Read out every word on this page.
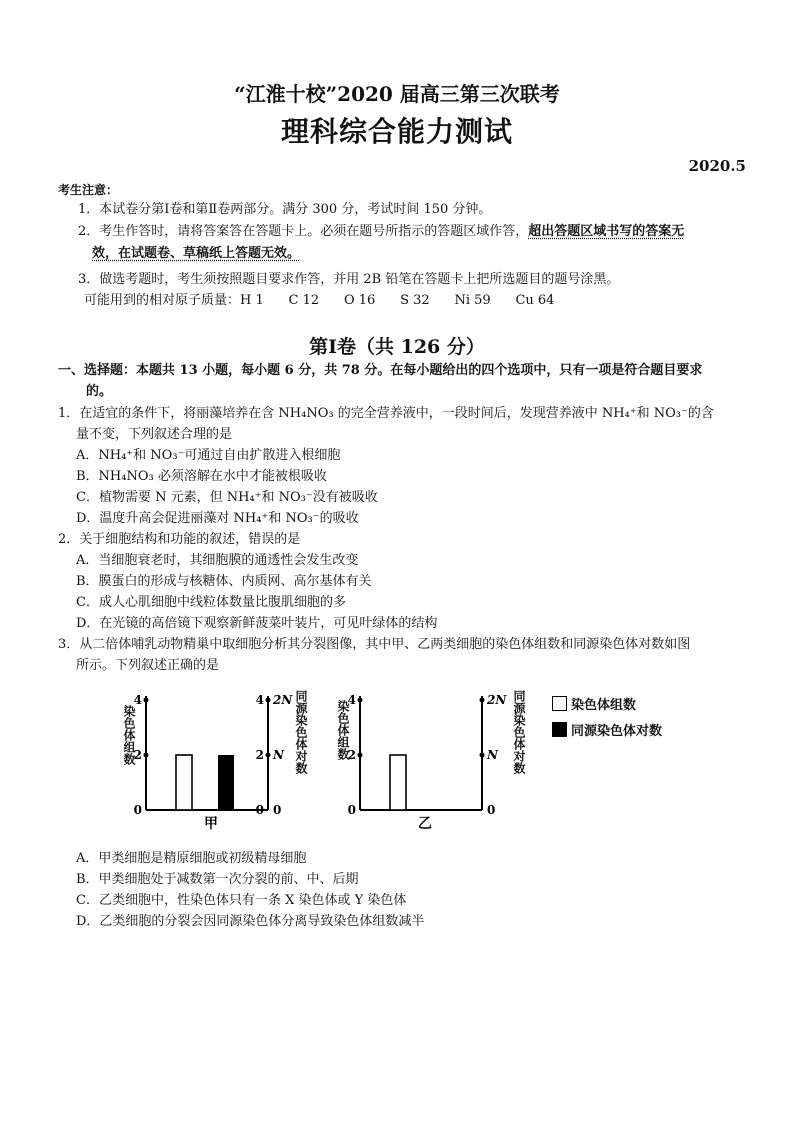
“江淮十校”2020 届高三第三次联考
理科综合能力测试
2020.5
考生注意：
1．本试卷分第Ⅰ卷和第Ⅱ卷两部分。满分 300 分，考试时间 150 分钟。
2．考生作答时，请将答案答在答题卡上。必须在题号所指示的答题区域作答，超出答题区域书写的答案无
效，在试题卷、草稿纸上答题无效。
3．做选考题时，考生须按照题目要求作答，并用 2B 铅笔在答题卡上把所选题目的题号涂黑。
可能用到的相对原子质量：H 1      C 12      O 16      S 32      Ni 59      Cu 64
第Ⅰ卷（共 126 分）
一、选择题：本题共 13 小题，每小题 6 分，共 78 分。在每小题给出的四个选项中，只有一项是符合题目要求
的。
1．在适宜的条件下，将丽藻培养在含 NH₄NO₃ 的完全营养液中，一段时间后，发现营养液中 NH₄⁺和 NO₃⁻的含
量不变，下列叙述合理的是
A．NH₄⁺和 NO₃⁻可通过自由扩散进入根细胞
B．NH₄NO₃ 必须溶解在水中才能被根吸收
C．植物需要 N 元素，但 NH₄⁺和 NO₃⁻没有被吸收
D．温度升高会促进丽藻对 NH₄⁺和 NO₃⁻的吸收
2．关于细胞结构和功能的叙述，错误的是
A．当细胞衰老时，其细胞膜的通透性会发生改变
B．膜蛋白的形成与核糖体、内质网、高尔基体有关
C．成人心肌细胞中线粒体数量比腹肌细胞的多
D．在光镜的高倍镜下观察新鲜菠菜叶装片，可见叶绿体的结构
3．从二倍体哺乳动物精巢中取细胞分析其分裂图像，其中甲、乙两类细胞的染色体组数和同源染色体对数如图
所示。下列叙述正确的是
染色体组数	同源染色体对数
0
2
4
0 0
2 N
4 2N
甲
染色体组数	同源染色体对数
0
2
4
0
N
2N
乙
染色体组数
同源染色体对数
A．甲类细胞是精原细胞或初级精母细胞
B．甲类细胞处于减数第一次分裂的前、中、后期
C．乙类细胞中，性染色体只有一条 X 染色体或 Y 染色体
D．乙类细胞的分裂会因同源染色体分离导致染色体组数减半
